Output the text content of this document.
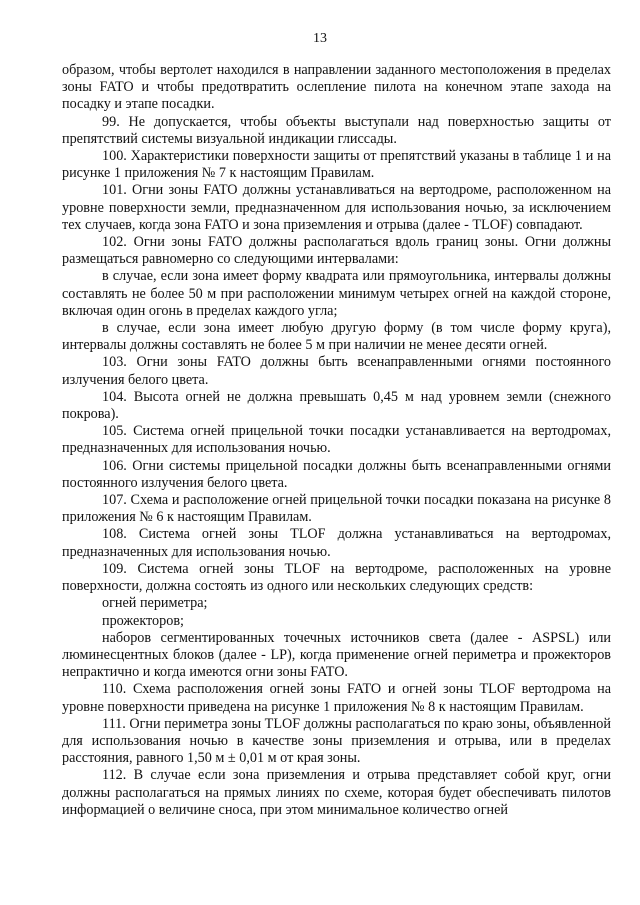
13

образом, чтобы вертолет находился в направлении заданного местоположения в пределах зоны FATO и чтобы предотвратить ослепление пилота на конечном этапе захода на посадку и этапе посадки.

99. Не допускается, чтобы объекты выступали над поверхностью защиты от препятствий системы визуальной индикации глиссады.

100. Характеристики поверхности защиты от препятствий указаны в таблице 1 и на рисунке 1 приложения № 7 к настоящим Правилам.

101. Огни зоны FATO должны устанавливаться на вертодроме, расположенном на уровне поверхности земли, предназначенном для использования ночью, за исключением тех случаев, когда зона FATO и зона приземления и отрыва (далее - TLOF) совпадают.

102. Огни зоны FATO должны располагаться вдоль границ зоны. Огни должны размещаться равномерно со следующими интервалами:

в случае, если зона имеет форму квадрата или прямоугольника, интервалы должны составлять не более 50 м при расположении минимум четырех огней на каждой стороне, включая один огонь в пределах каждого угла;

в случае, если зона имеет любую другую форму (в том числе форму круга), интервалы должны составлять не более 5 м при наличии не менее десяти огней.

103. Огни зоны FATO должны быть всенаправленными огнями постоянного излучения белого цвета.

104. Высота огней не должна превышать 0,45 м над уровнем земли (снежного покрова).

105. Система огней прицельной точки посадки устанавливается на вертодромах, предназначенных для использования ночью.

106. Огни системы прицельной посадки должны быть всенаправленными огнями постоянного излучения белого цвета.

107. Схема и расположение огней прицельной точки посадки показана на рисунке 8 приложения № 6 к настоящим Правилам.

108. Система огней зоны TLOF должна устанавливаться на вертодромах, предназначенных для использования ночью.

109. Система огней зоны TLOF на вертодроме, расположенных на уровне поверхности, должна состоять из одного или нескольких следующих средств:

огней периметра;

прожекторов;

наборов сегментированных точечных источников света (далее - ASPSL) или люминесцентных блоков (далее - LP), когда применение огней периметра и прожекторов непрактично и когда имеются огни зоны FATO.

110. Схема расположения огней зоны FATO и огней зоны TLOF вертодрома на уровне поверхности приведена на рисунке 1 приложения № 8 к настоящим Правилам.

111. Огни периметра зоны TLOF должны располагаться по краю зоны, объявленной для использования ночью в качестве зоны приземления и отрыва, или в пределах расстояния, равного 1,50 м ± 0,01 м от края зоны.

112. В случае если зона приземления и отрыва представляет собой круг, огни должны располагаться на прямых линиях по схеме, которая будет обеспечивать пилотов информацией о величине сноса, при этом минимальное количество огней
